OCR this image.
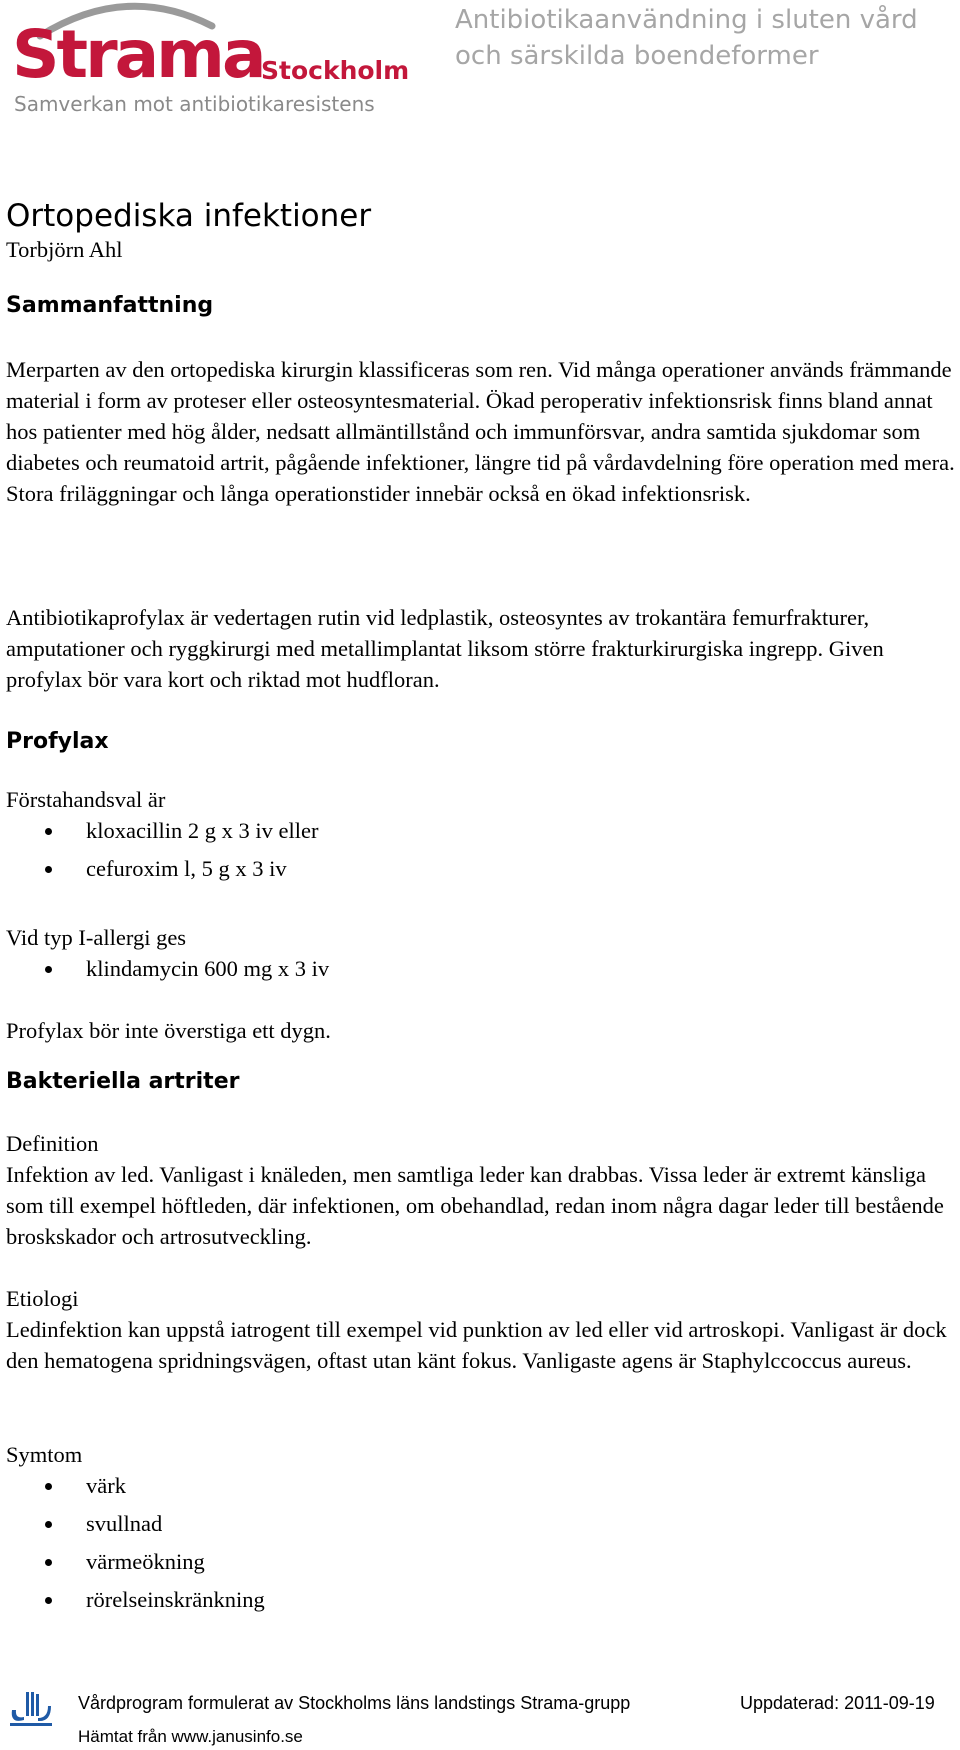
Strama
Stockholm
Samverkan mot antibiotikaresistens
Antibiotikaanvändning i sluten vård
och särskilda boendeformer
Ortopediska infektioner
Torbjörn Ahl
Sammanfattning

Merparten av den ortopediska kirurgin klassificeras som ren. Vid många operationer används främmande material i form av proteser eller osteosyntesmaterial. Ökad peroperativ infektionsrisk finns bland annat hos patienter med hög ålder, nedsatt allmäntillstånd och immunförsvar, andra samtida sjukdomar som diabetes och reumatoid artrit, pågående infektioner, längre tid på vårdavdelning före operation med mera. Stora friläggningar och långa operationstider innebär också en ökad infektionsrisk.

Antibiotikaprofylax är vedertagen rutin vid ledplastik, osteosyntes av trokantära femurfrakturer, amputationer och ryggkirurgi med metallimplantat liksom större frakturkirurgiska ingrepp. Given profylax bör vara kort och riktad mot hudfloran.

Profylax
Förstahandsval är
kloxacillin 2 g x 3 iv eller
cefuroxim l, 5 g x 3 iv
Vid typ I-allergi ges
klindamycin 600 mg x 3 iv
Profylax bör inte överstiga ett dygn.
Bakteriella artriter
Definition

Infektion av led. Vanligast i knäleden, men samtliga leder kan drabbas. Vissa leder är extremt känsliga som till exempel höftleden, där infektionen, om obehandlad, redan inom några dagar leder till bestående broskskador och artrosutveckling.

Etiologi

Ledinfektion kan uppstå iatrogent till exempel vid punktion av led eller vid artroskopi. Vanligast är dock den hematogena spridningsvägen, oftast utan känt fokus. Vanligaste agens är Staphylccoccus aureus.

Symtom
värk
svullnad
värmeökning
rörelseinskränkning
Vårdprogram formulerat av Stockholms läns landstings Strama-grupp	Uppdaterad: 2011-09-19
Hämtat från www.janusinfo.se
